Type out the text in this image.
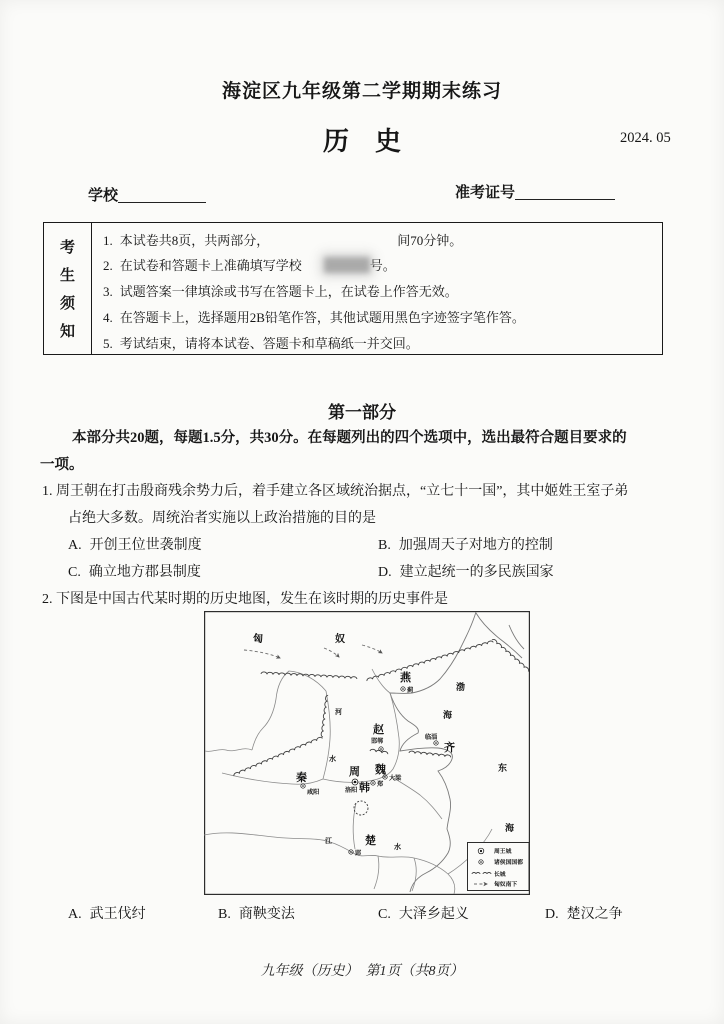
海淀区九年级第二学期期末练习
历　史	2024. 05
学校	准考证号
考
生
须
知
1. 本试卷共8页，共两部分，	间70分钟。
2. 在试卷和答题卡上准确填写学校	号。
3. 试题答案一律填涂或书写在答题卡上，在试卷上作答无效。
4. 在答题卡上，选择题用2B铅笔作答，其他试题用黑色字迹签字笔作答。
5. 考试结束，请将本试卷、答题卡和草稿纸一并交回。
第一部分
本部分共20题，每题1.5分，共30分。在每题列出的四个选项中，选出最符合题目要求的
一项。
1. 周王朝在打击殷商残余势力后，着手建立各区域统治据点，“立七十一国”，其中姬姓王室子弟
占绝大多数。周统治者实施以上政治措施的目的是
A. 开创王位世袭制度	B. 加强周天子对地方的控制
C. 确立地方郡县制度	D. 建立起统一的多民族国家
2. 下图是中国古代某时期的历史地图，发生在该时期的历史事件是
匈	奴
渤
海
东
海
河
水
江
水
燕
蓟
赵
邯郸
临淄
齐
魏
大梁
韩 郑
周
洛阳
秦
咸阳
楚
郢	周王城
诸侯国国都
长城
匈奴南下
A. 武王伐纣	B. 商鞅变法	C. 大泽乡起义	D. 楚汉之争
九年级（历史）　第1页（共8页）
